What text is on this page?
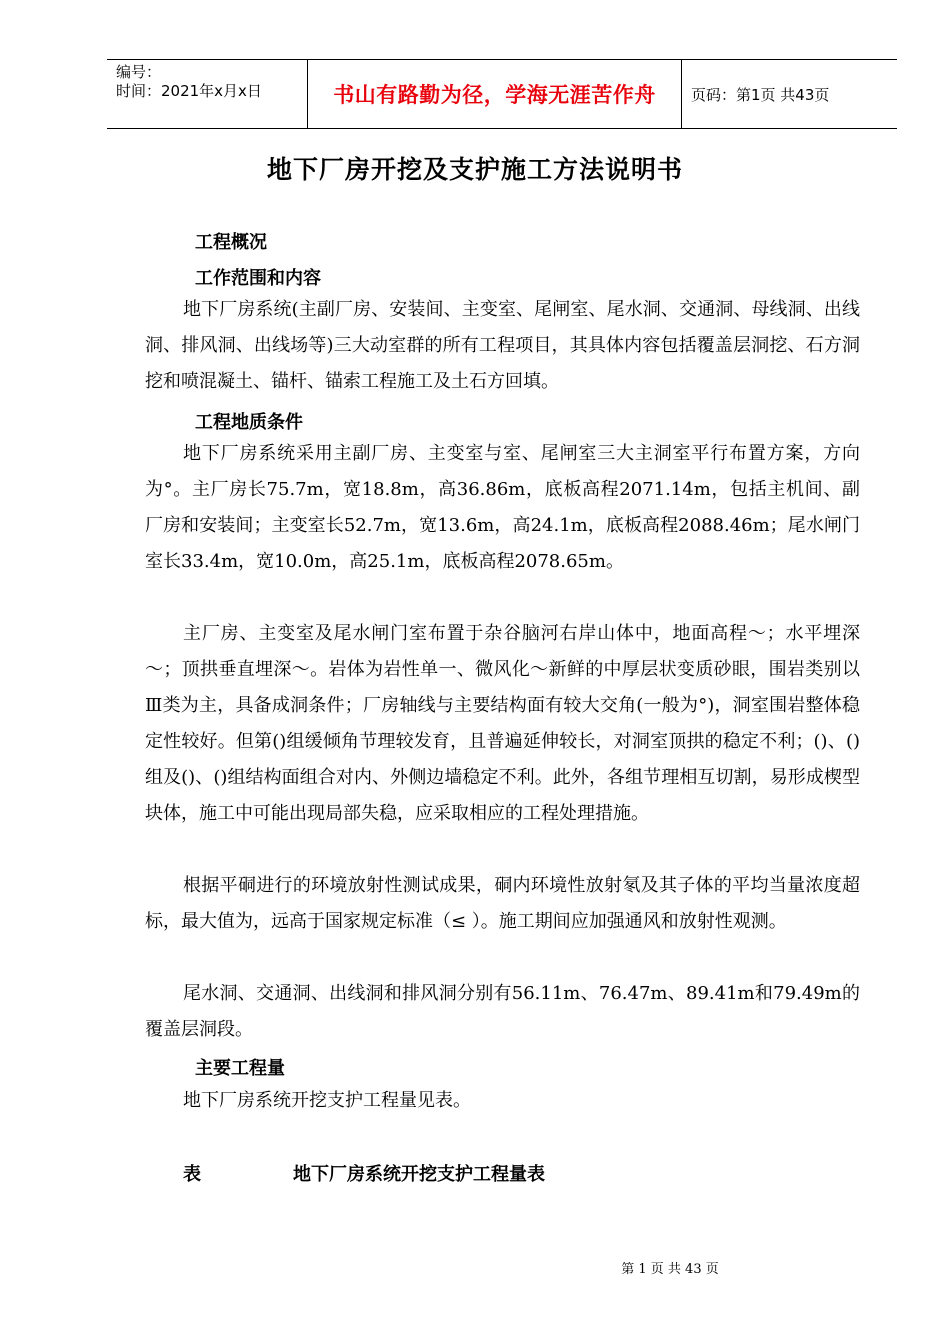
编号：
时间：2021年x月x日	书山有路勤为径，学海无涯苦作舟	页码：第1页 共43页
地下厂房开挖及支护施工方法说明书
工程概况
工作范围和内容
地下厂房系统(主副厂房、安装间、主变室、尾闸室、尾水洞、交通洞、母线洞、出线洞、排风洞、出线场等)三大动室群的所有工程项目，其具体内容包括覆盖层洞挖、石方洞挖和喷混凝土、锚杆、锚索工程施工及土石方回填。
工程地质条件
地下厂房系统采用主副厂房、主变室与室、尾闸室三大主洞室平行布置方案，方向为°。主厂房长75.7m，宽18.8m，高36.86m，底板高程2071.14m，包括主机间、副厂房和安装间；主变室长52.7m，宽13.6m，高24.1m，底板高程2088.46m；尾水闸门室长33.4m，宽10.0m，高25.1m，底板高程2078.65m。
主厂房、主变室及尾水闸门室布置于杂谷脑河右岸山体中，地面高程～；水平埋深～；顶拱垂直埋深～。岩体为岩性单一、微风化～新鲜的中厚层状变质砂眼，围岩类别以Ⅲ类为主，具备成洞条件；厂房轴线与主要结构面有较大交角(一般为°)，洞室围岩整体稳定性较好。但第()组缓倾角节理较发育，且普遍延伸较长，对洞室顶拱的稳定不利；()、()组及()、()组结构面组合对内、外侧边墙稳定不利。此外，各组节理相互切割，易形成楔型块体，施工中可能出现局部失稳，应采取相应的工程处理措施。
根据平硐进行的环境放射性测试成果，硐内环境性放射氡及其子体的平均当量浓度超标，最大值为，远高于国家规定标准（≤ ）。施工期间应加强通风和放射性观测。
尾水洞、交通洞、出线洞和排风洞分别有56.11m、76.47m、89.41m和79.49m的覆盖层洞段。
主要工程量
地下厂房系统开挖支护工程量见表。
表	地下厂房系统开挖支护工程量表
第 1 页 共 43 页
